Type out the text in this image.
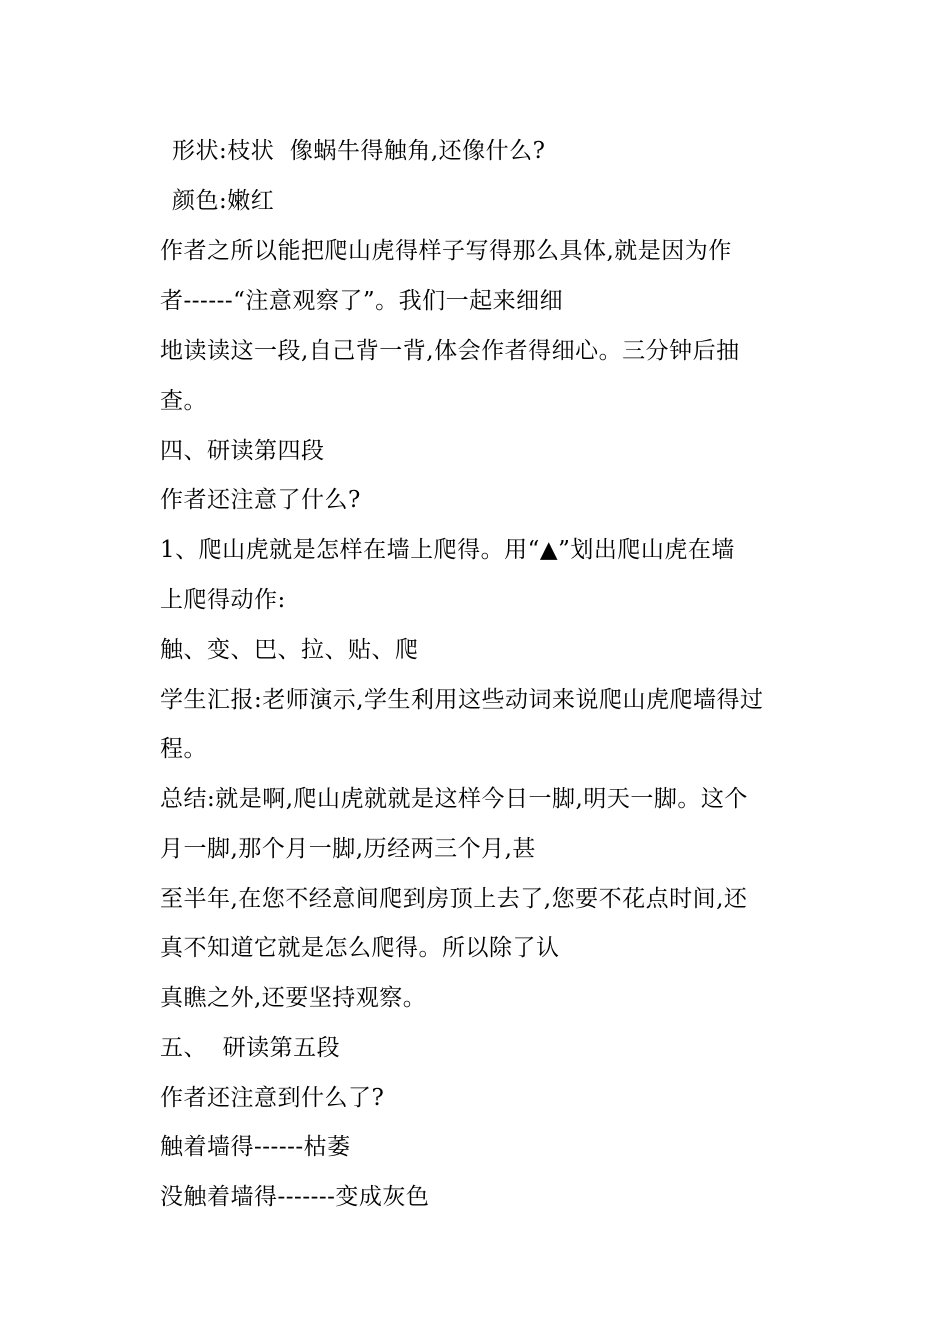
形状:枝状  像蜗牛得触角,还像什么?
颜色:嫩红
作者之所以能把爬山虎得样子写得那么具体,就是因为作
者------“注意观察了”。我们一起来细细
地读读这一段,自己背一背,体会作者得细心。三分钟后抽
查。
四、研读第四段
作者还注意了什么?
1、爬山虎就是怎样在墙上爬得。用“▲”划出爬山虎在墙
上爬得动作:
触、变、巴、拉、贴、爬
学生汇报:老师演示,学生利用这些动词来说爬山虎爬墙得过
程。
总结:就是啊,爬山虎就就是这样今日一脚,明天一脚。这个
月一脚,那个月一脚,历经两三个月,甚
至半年,在您不经意间爬到房顶上去了,您要不花点时间,还
真不知道它就是怎么爬得。所以除了认
真瞧之外,还要坚持观察。
五、  研读第五段
作者还注意到什么了?
触着墙得------枯萎
没触着墙得-------变成灰色
